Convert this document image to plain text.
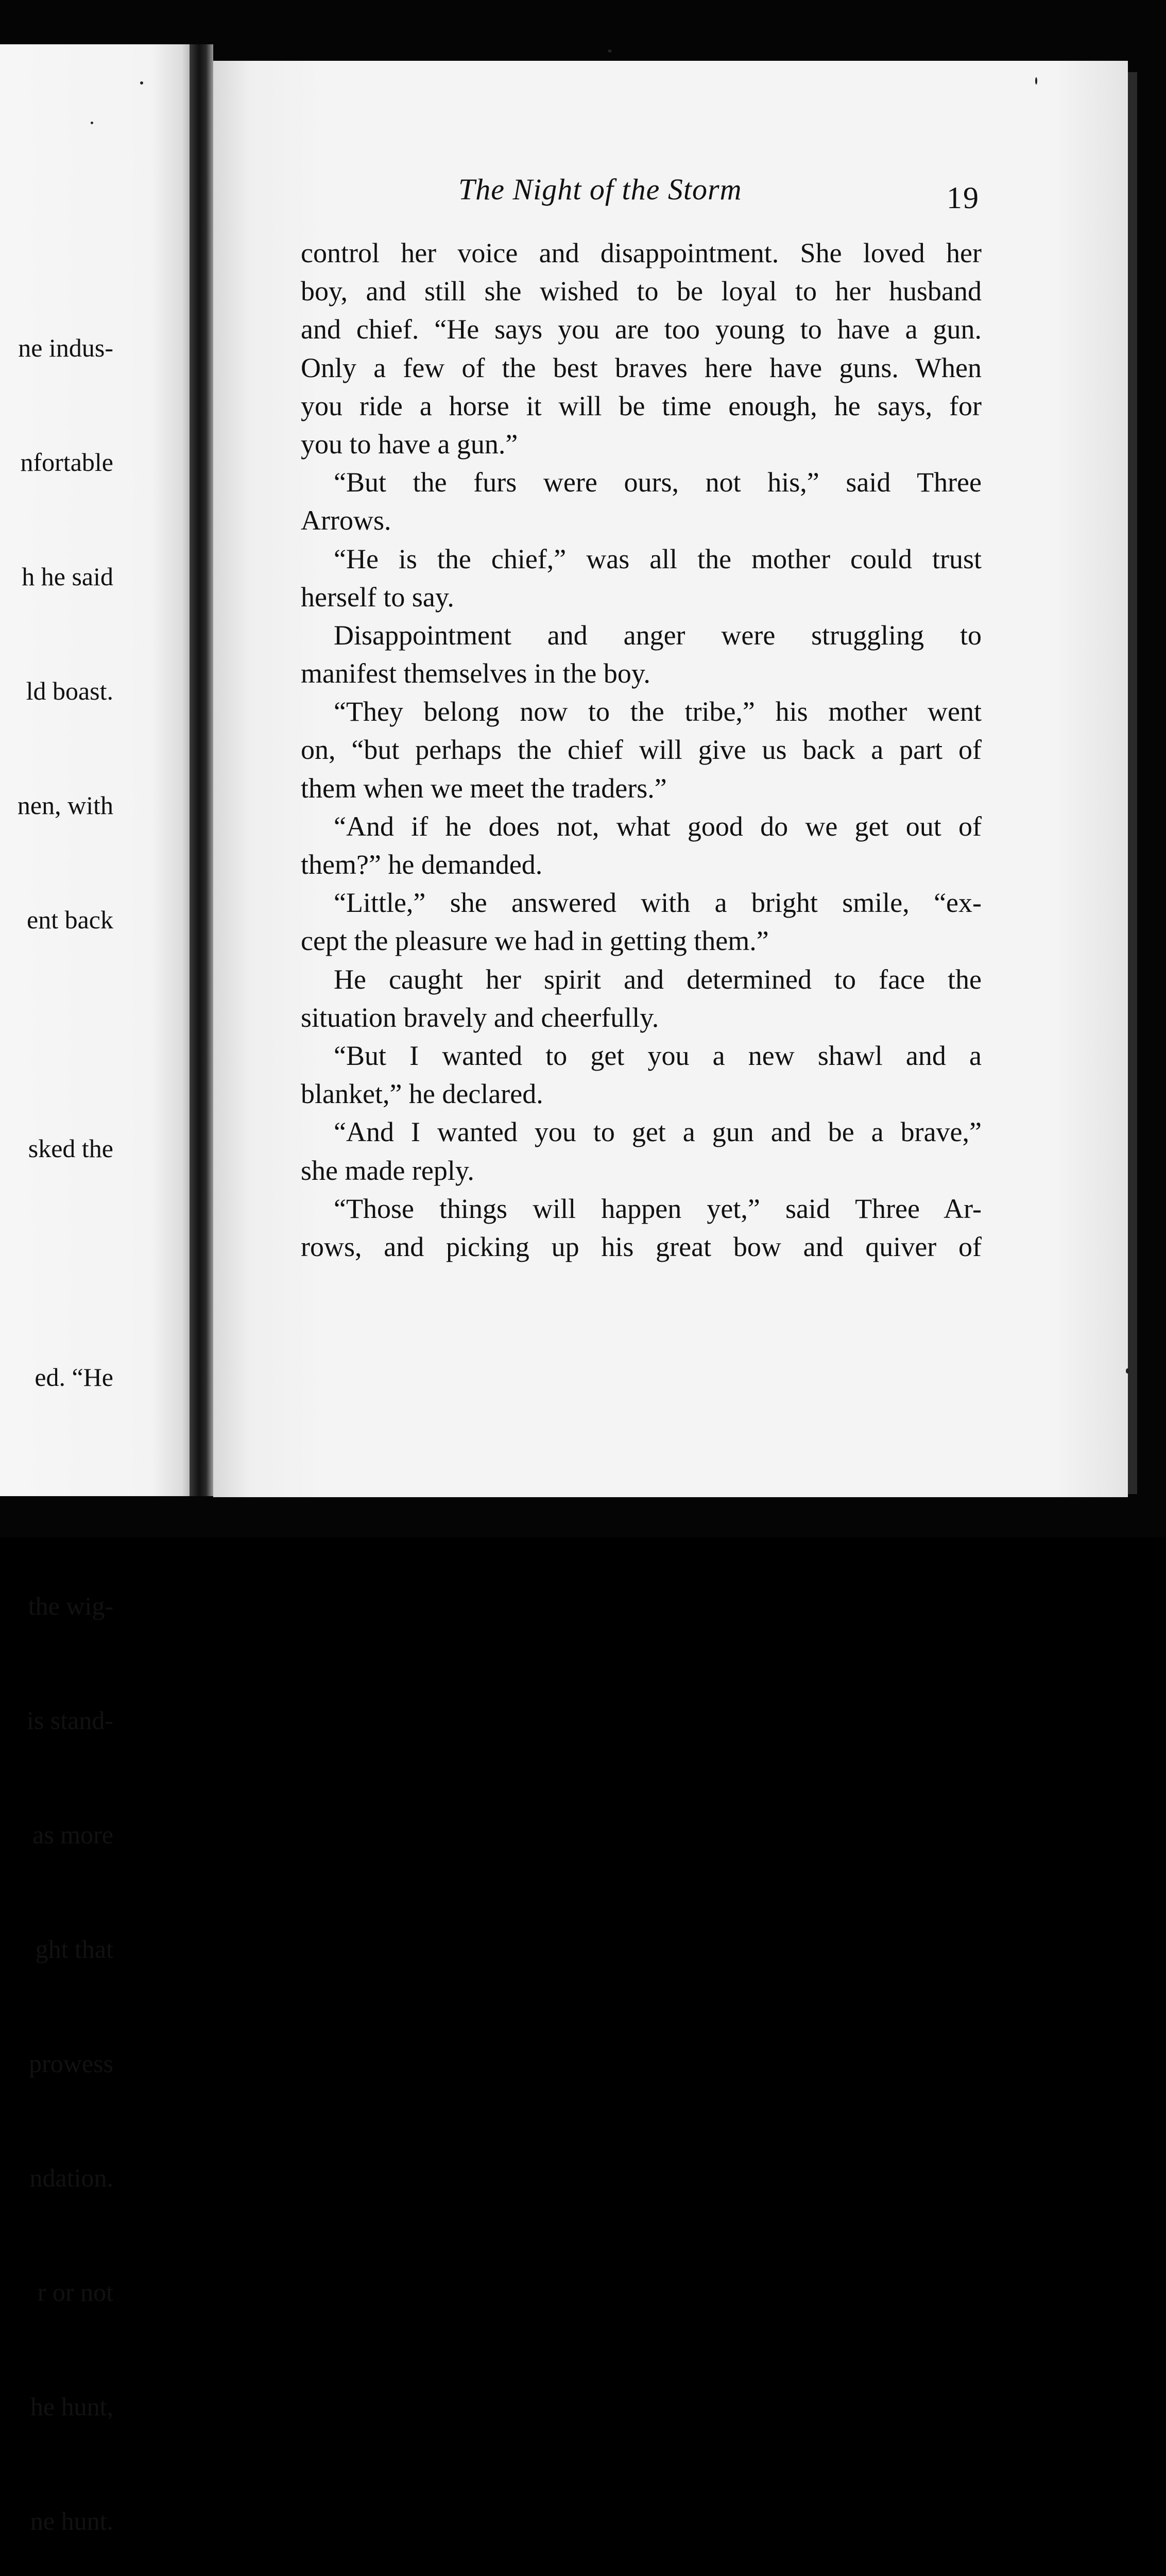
ne indus-

nfortable

h he said

ld boast.

nen, with

ent back

sked the

ed. “He

the wig-

is stand-

as more

ght that

prowess

ndation.

r or not

he hunt,

ne hunt.

The Night of the Storm	19
control her voice and disappointment. She loved her
boy, and still she wished to be loyal to her husband
and chief. “He says you are too young to have a gun.
Only a few of the best braves here have guns. When
you ride a horse it will be time enough, he says, for
you to have a gun.”
“But the furs were ours, not his,” said Three
Arrows.
“He is the chief,” was all the mother could trust
herself to say.
Disappointment and anger were struggling to
manifest themselves in the boy.
“They belong now to the tribe,” his mother went
on, “but perhaps the chief will give us back a part of
them when we meet the traders.”
“And if he does not, what good do we get out of
them?” he demanded.
“Little,” she answered with a bright smile, “ex-
cept the pleasure we had in getting them.”
He caught her spirit and determined to face the
situation bravely and cheerfully.
“But I wanted to get you a new shawl and a
blanket,” he declared.
“And I wanted you to get a gun and be a brave,”
she made reply.
“Those things will happen yet,” said Three Ar-
rows, and picking up his great bow and quiver of
